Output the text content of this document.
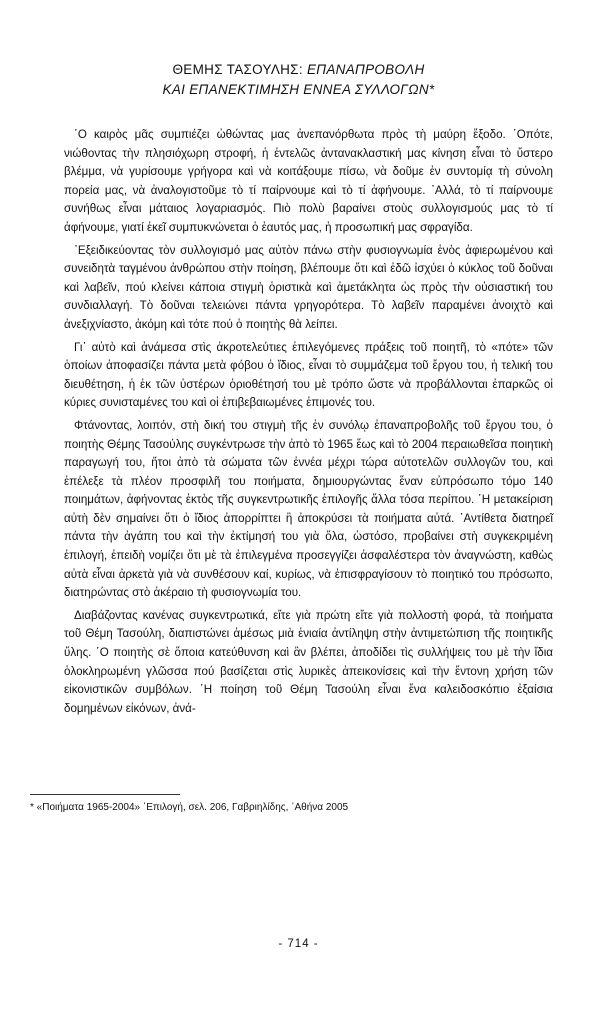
ΘΕΜΗΣ ΤΑΣΟΥΛΗΣ: ΕΠΑΝΑΠΡΟΒΟΛΗ
ΚΑΙ ΕΠΑΝΕΚΤΙΜΗΣΗ ΕΝΝΕΑ ΣΥΛΛΟΓΩΝ*

῾Ο καιρὸς μᾶς συμπιέζει ὠθώντας μας ἀνεπανόρθωτα πρὸς τὴ μαύρη ἔξοδο. ῾Οπότε, νιώθοντας τὴν πλησιόχωρη στροφή, ἡ ἐντελῶς ἀντανακλαστική μας κίνηση εἶναι τὸ ὕστερο βλέμμα, νὰ γυρίσουμε γρήγορα καὶ νὰ κοιτάξουμε πίσω, νὰ δοῦμε ἐν συντομίᾳ τὴ σύνολη πορεία μας, νὰ ἀναλογιστοῦμε τὸ τί παίρνουμε καὶ τὸ τί ἀφήνουμε. ᾿Αλλά, τὸ τί παίρνουμε συνήθως εἶναι μάταιος λογαριασμός. Πιὸ πολὺ βαραίνει στοὺς συλλογισμούς μας τὸ τί ἀφήνουμε, γιατί ἐκεῖ συμπυκνώνεται ὁ ἑαυτός μας, ἡ προσωπική μας σφραγίδα.

᾿Εξειδικεύοντας τὸν συλλογισμό μας αὐτὸν πάνω στὴν φυσιογνωμία ἑνὸς ἀφιερωμένου καὶ συνειδητὰ ταγμένου ἀνθρώπου στὴν ποίηση, βλέπουμε ὅτι καὶ ἐδῶ ἰσχύει ὁ κύκλος τοῦ δοῦναι καὶ λαβεῖν, πού κλείνει κάποια στιγμὴ ὁριστικὰ καὶ ἀμετάκλητα ὡς πρὸς τὴν οὐσιαστική του συνδιαλλαγή. Τὸ δοῦναι τελειώνει πάντα γρηγορότερα. Τὸ λαβεῖν παραμένει ἀνοιχτὸ καὶ ἀνεξιχνίαστο, ἀκόμη καὶ τότε πού ὁ ποιητὴς θὰ λείπει.

Γι᾿ αὐτὸ καὶ ἀνάμεσα στὶς ἀκροτελεύτιες ἐπιλεγόμενες πράξεις τοῦ ποιητῆ, τὸ «πότε» τῶν ὁποίων ἀποφασίζει πάντα μετὰ φόβου ὁ ἴδιος, εἶναι τὸ συμμάζεμα τοῦ ἔργου του, ἡ τελική του διευθέτηση, ἡ ἐκ τῶν ὑστέρων ὁριοθέτησή του μὲ τρόπο ὥστε νὰ προβάλλονται ἐπαρκῶς οἱ κύριες συνισταμένες του καὶ οἱ ἐπιβεβαιωμένες ἐπιμονές του.

Φτάνοντας, λοιπόν, στὴ δική του στιγμὴ τῆς ἐν συνόλῳ ἐπαναπροβολῆς τοῦ ἔργου του, ὁ ποιητὴς Θέμης Τασούλης συγκέντρωσε τὴν ἀπὸ τὸ 1965 ἕως καὶ τὸ 2004 περαιωθεῖσα ποιητικὴ παραγωγή του, ἤτοι ἀπὸ τὰ σώματα τῶν ἐννέα μέχρι τώρα αὐτοτελῶν συλλογῶν του, καὶ ἐπέλεξε τὰ πλέον προσφιλῆ του ποιήματα, δημιουργώντας ἕναν εὐπρόσωπο τόμο 140 ποιημάτων, ἀφήνοντας ἐκτὸς τῆς συγκεντρωτικῆς ἐπιλογῆς ἄλλα τόσα περίπου. ῾Η μετακείριση αὐτὴ δὲν σημαίνει ὅτι ὁ ἴδιος ἀπορρίπτει ἢ ἀποκρύσει τὰ ποιήματα αὐτά. ᾿Αντίθετα διατηρεῖ πάντα τὴν ἀγάπη του καὶ τὴν ἐκτίμησή του γιὰ ὅλα, ὡστόσο, προβαίνει στὴ συγκεκριμένη ἐπιλογή, ἐπειδὴ νομίζει ὅτι μὲ τὰ ἐπιλεγμένα προσεγγίζει ἀσφαλέστερα τὸν ἀναγνώστη, καθὼς αὐτὰ εἶναι ἀρκετὰ γιὰ νὰ συνθέσουν καί, κυρίως, νὰ ἐπισφραγίσουν τὸ ποιητικό του πρόσωπο, διατηρώντας στὸ ἀκέραιο τὴ φυσιογνωμία του.

Διαβάζοντας κανένας συγκεντρωτικά, εἴτε γιὰ πρώτη εἴτε γιὰ πολλοστὴ φορά, τὰ ποιήματα τοῦ Θέμη Τασούλη, διαπιστώνει ἀμέσως μιὰ ἑνιαία ἀντίληψη στὴν ἀντιμετώπιση τῆς ποιητικῆς ὕλης. ῾Ο ποιητὴς σὲ ὅποια κατεύθυνση καὶ ἂν βλέπει, ἀποδίδει τὶς συλλήψεις του μὲ τὴν ἴδια ὁλοκληρωμένη γλῶσσα πού βασίζεται στὶς λυρικὲς ἀπεικονίσεις καὶ τὴν ἔντονη χρήση τῶν εἰκονιστικῶν συμβόλων. ῾Η ποίηση τοῦ Θέμη Τασούλη εἶναι ἕνα καλειδοσκόπιο ἐξαίσια δομημένων εἰκόνων, ἀνά-

* «Ποιήματα 1965-2004» ᾿Επιλογή, σελ. 206, Γαβριηλίδης, ᾿Αθήνα 2005
- 714 -
